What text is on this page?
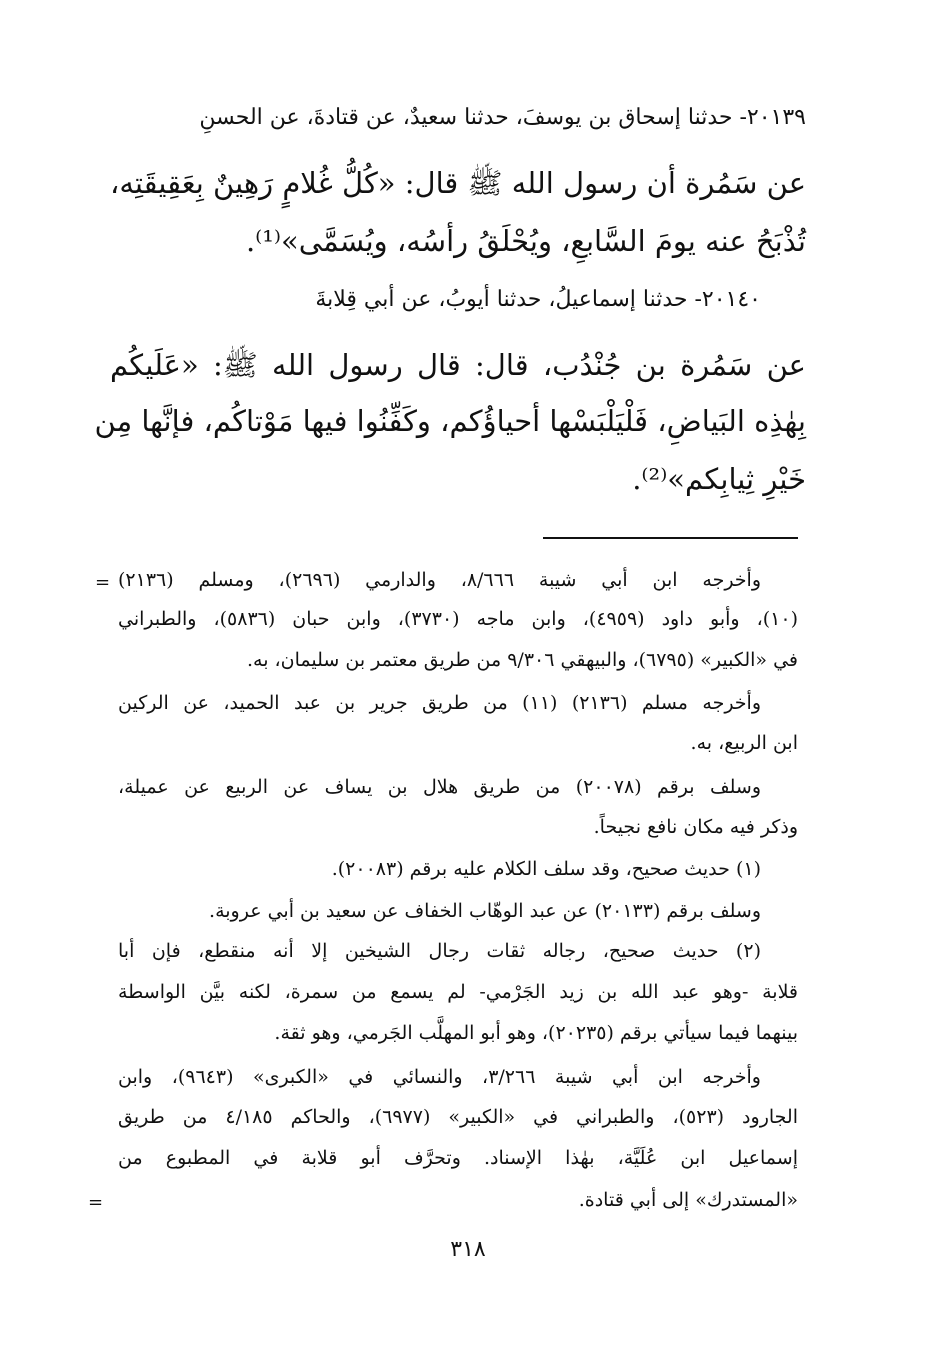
٢٠١٣٩- حدثنا إسحاق بن يوسفَ، حدثنا سعيدٌ، عن قتادةَ، عن الحسنِ
عن سَمُرة أن رسول الله ﷺ قال: «كُلُّ غُلامٍ رَهِينٌ بِعَقِيقَتِه،
تُذْبَحُ عنه يومَ السَّابعِ، ويُحْلَقُ رأسُه، ويُسَمَّى»⁽¹⁾.
٢٠١٤٠- حدثنا إسماعيلُ، حدثنا أيوبُ، عن أبي قِلابةَ
عن سَمُرة بن جُنْدُب، قال: قال رسول الله ﷺ: «عَلَيكُم
بِهٰذِه البَياضِ، فَلْيَلْبَسْها أحياؤُكم، وكَفِّنُوا فيها مَوْتاكُم، فإنَّها مِن
خَيْرِ ثِيابِكم»⁽²⁾.
= وأخرجه ابن أبي شيبة ٨/٦٦٦، والدارمي (٢٦٩٦)، ومسلم (٢١٣٦)
(١٠)، وأبو داود (٤٩٥٩)، وابن ماجه (٣٧٣٠)، وابن حبان (٥٨٣٦)، والطبراني
في «الكبير» (٦٧٩٥)، والبيهقي ٩/٣٠٦ من طريق معتمر بن سليمان، به.
وأخرجه مسلم (٢١٣٦) (١١) من طريق جرير بن عبد الحميد، عن الركين
ابن الربيع، به.
وسلف برقم (٢٠٠٧٨) من طريق هلال بن يساف عن الربيع عن عميلة،
وذكر فيه مكان نافع نجيحاً.
(١) حديث صحيح، وقد سلف الكلام عليه برقم (٢٠٠٨٣).
وسلف برقم (٢٠١٣٣) عن عبد الوهّاب الخفاف عن سعيد بن أبي عروبة.
(٢) حديث صحيح، رجاله ثقات رجال الشيخين إلا أنه منقطع، فإن أبا
قلابة -وهو عبد الله بن زيد الجَرْمي- لم يسمع من سمرة، لكنه بيَّن الواسطة
بينهما فيما سيأتي برقم (٢٠٢٣٥)، وهو أبو المهلَّب الجَرمي، وهو ثقة.
وأخرجه ابن أبي شيبة ٣/٢٦٦، والنسائي في «الكبرى» (٩٦٤٣)، وابن
الجارود (٥٢٣)، والطبراني في «الكبير» (٦٩٧٧)، والحاكم ٤/١٨٥ من طريق
إسماعيل ابن عُلَيَّة، بهٰذا الإسناد. وتحرَّف أبو قلابة في المطبوع من
«المستدرك» إلى أبي قتادة.
=
٣١٨
